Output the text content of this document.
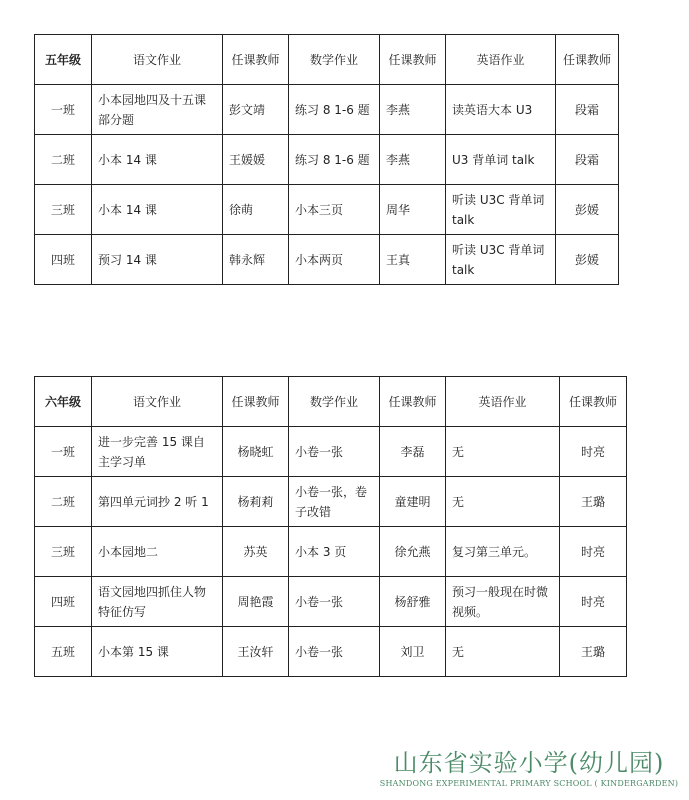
五年级	语文作业	任课教师	数学作业	任课教师	英语作业	任课教师
一班	小本园地四及十五课部分题	彭文靖	练习 8 1-6 题	李燕	读英语大本 U3	段霜
二班	小本 14 课	王媛媛	练习 8 1-6 题	李燕	U3 背单词 talk	段霜
三班	小本 14 课	徐萌	小本三页	周华	听读 U3C 背单词 talk	彭媛
四班	预习 14 课	韩永辉	小本两页	王真	听读 U3C 背单词 talk	彭媛
六年级	语文作业	任课教师	数学作业	任课教师	英语作业	任课教师
一班	进一步完善 15 课自主学习单	杨晓虹	小卷一张	李磊	无	时亮
二班	第四单元词抄 2 听 1	杨莉莉	小卷一张，卷子改错	童建明	无	王璐
三班	小本园地二	苏英	小本 3 页	徐允燕	复习第三单元。	时亮
四班	语文园地四抓住人物特征仿写	周艳霞	小卷一张	杨舒雅	预习一般现在时微视频。	时亮
五班	小本第 15 课	王汝轩	小卷一张	刘卫	无	王璐
山东省实验小学(幼儿园)
SHANDONG EXPERIMENTAL PRIMARY SCHOOL ( KINDERGARDEN)
